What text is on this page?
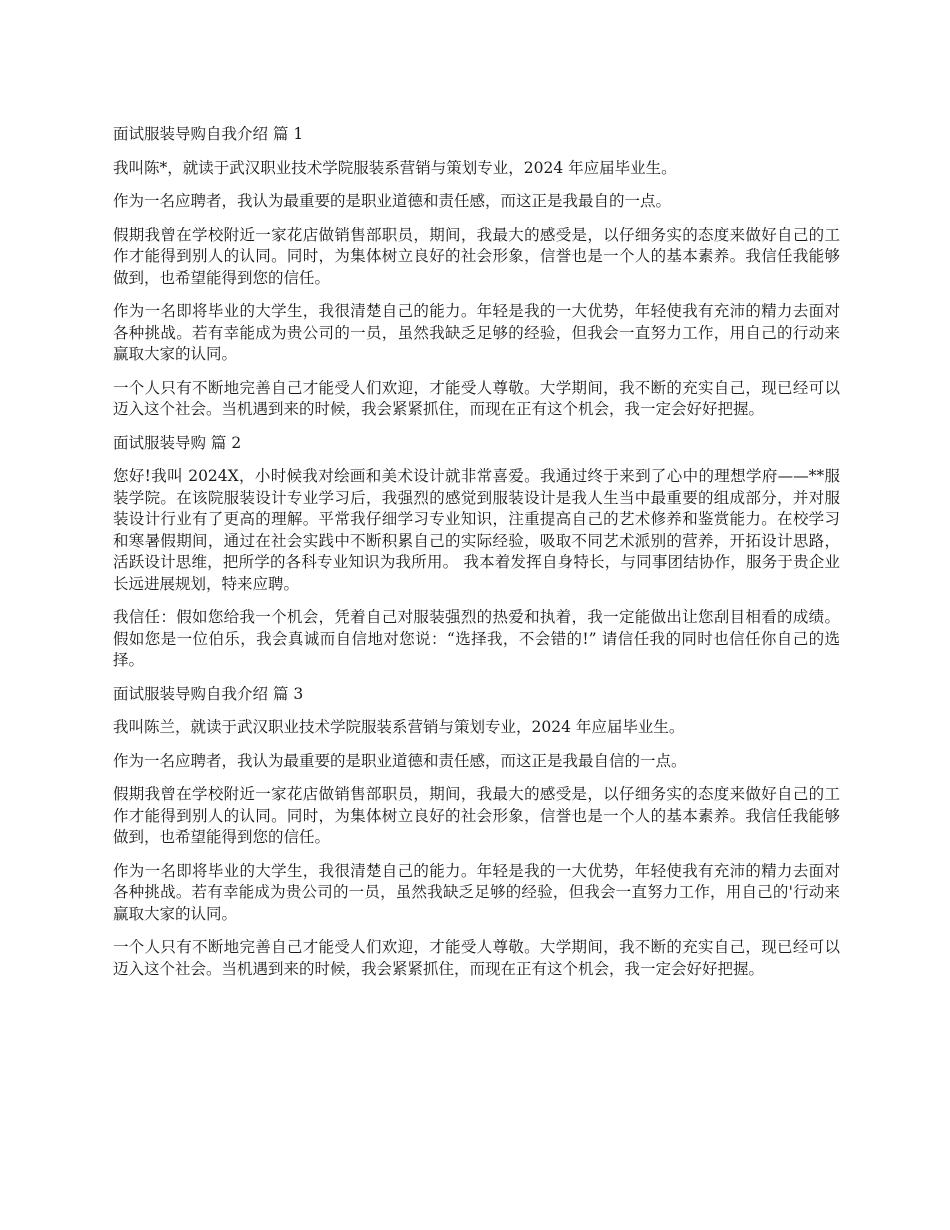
面试服装导购自我介绍 篇 1

我叫陈*，就读于武汉职业技术学院服装系营销与策划专业，2024 年应届毕业生。

作为一名应聘者，我认为最重要的是职业道德和责任感，而这正是我最自的一点。

假期我曾在学校附近一家花店做销售部职员，期间，我最大的感受是，以仔细务实的态度来做好自己的工作才能得到别人的认同。同时，为集体树立良好的社会形象，信誉也是一个人的基本素养。我信任我能够做到，也希望能得到您的信任。

作为一名即将毕业的大学生，我很清楚自己的能力。年轻是我的一大优势，年轻使我有充沛的精力去面对各种挑战。若有幸能成为贵公司的一员，虽然我缺乏足够的经验，但我会一直努力工作，用自己的行动来赢取大家的认同。

一个人只有不断地完善自己才能受人们欢迎，才能受人尊敬。大学期间，我不断的充实自己，现已经可以迈入这个社会。当机遇到来的时候，我会紧紧抓住，而现在正有这个机会，我一定会好好把握。

面试服装导购 篇 2

您好!我叫 2024X，小时候我对绘画和美术设计就非常喜爱。我通过终于来到了心中的理想学府——**服装学院。在该院服装设计专业学习后，我强烈的感觉到服装设计是我人生当中最重要的组成部分，并对服装设计行业有了更高的理解。平常我仔细学习专业知识，注重提高自己的艺术修养和鉴赏能力。在校学习和寒暑假期间，通过在社会实践中不断积累自己的实际经验，吸取不同艺术派别的营养，开拓设计思路，活跃设计思维，把所学的各科专业知识为我所用。 我本着发挥自身特长，与同事团结协作，服务于贵企业长远进展规划，特来应聘。

我信任：假如您给我一个机会，凭着自己对服装强烈的热爱和执着，我一定能做出让您刮目相看的成绩。 假如您是一位伯乐，我会真诚而自信地对您说：“选择我，不会错的!” 请信任我的同时也信任你自己的选择。

面试服装导购自我介绍 篇 3

我叫陈兰，就读于武汉职业技术学院服装系营销与策划专业，2024 年应届毕业生。

作为一名应聘者，我认为最重要的是职业道德和责任感，而这正是我最自信的一点。

假期我曾在学校附近一家花店做销售部职员，期间，我最大的感受是，以仔细务实的态度来做好自己的工作才能得到别人的认同。同时，为集体树立良好的社会形象，信誉也是一个人的基本素养。我信任我能够做到，也希望能得到您的信任。

作为一名即将毕业的大学生，我很清楚自己的能力。年轻是我的一大优势，年轻使我有充沛的精力去面对各种挑战。若有幸能成为贵公司的一员，虽然我缺乏足够的经验，但我会一直努力工作，用自己的'行动来赢取大家的认同。

一个人只有不断地完善自己才能受人们欢迎，才能受人尊敬。大学期间，我不断的充实自己，现已经可以迈入这个社会。当机遇到来的时候，我会紧紧抓住，而现在正有这个机会，我一定会好好把握。
